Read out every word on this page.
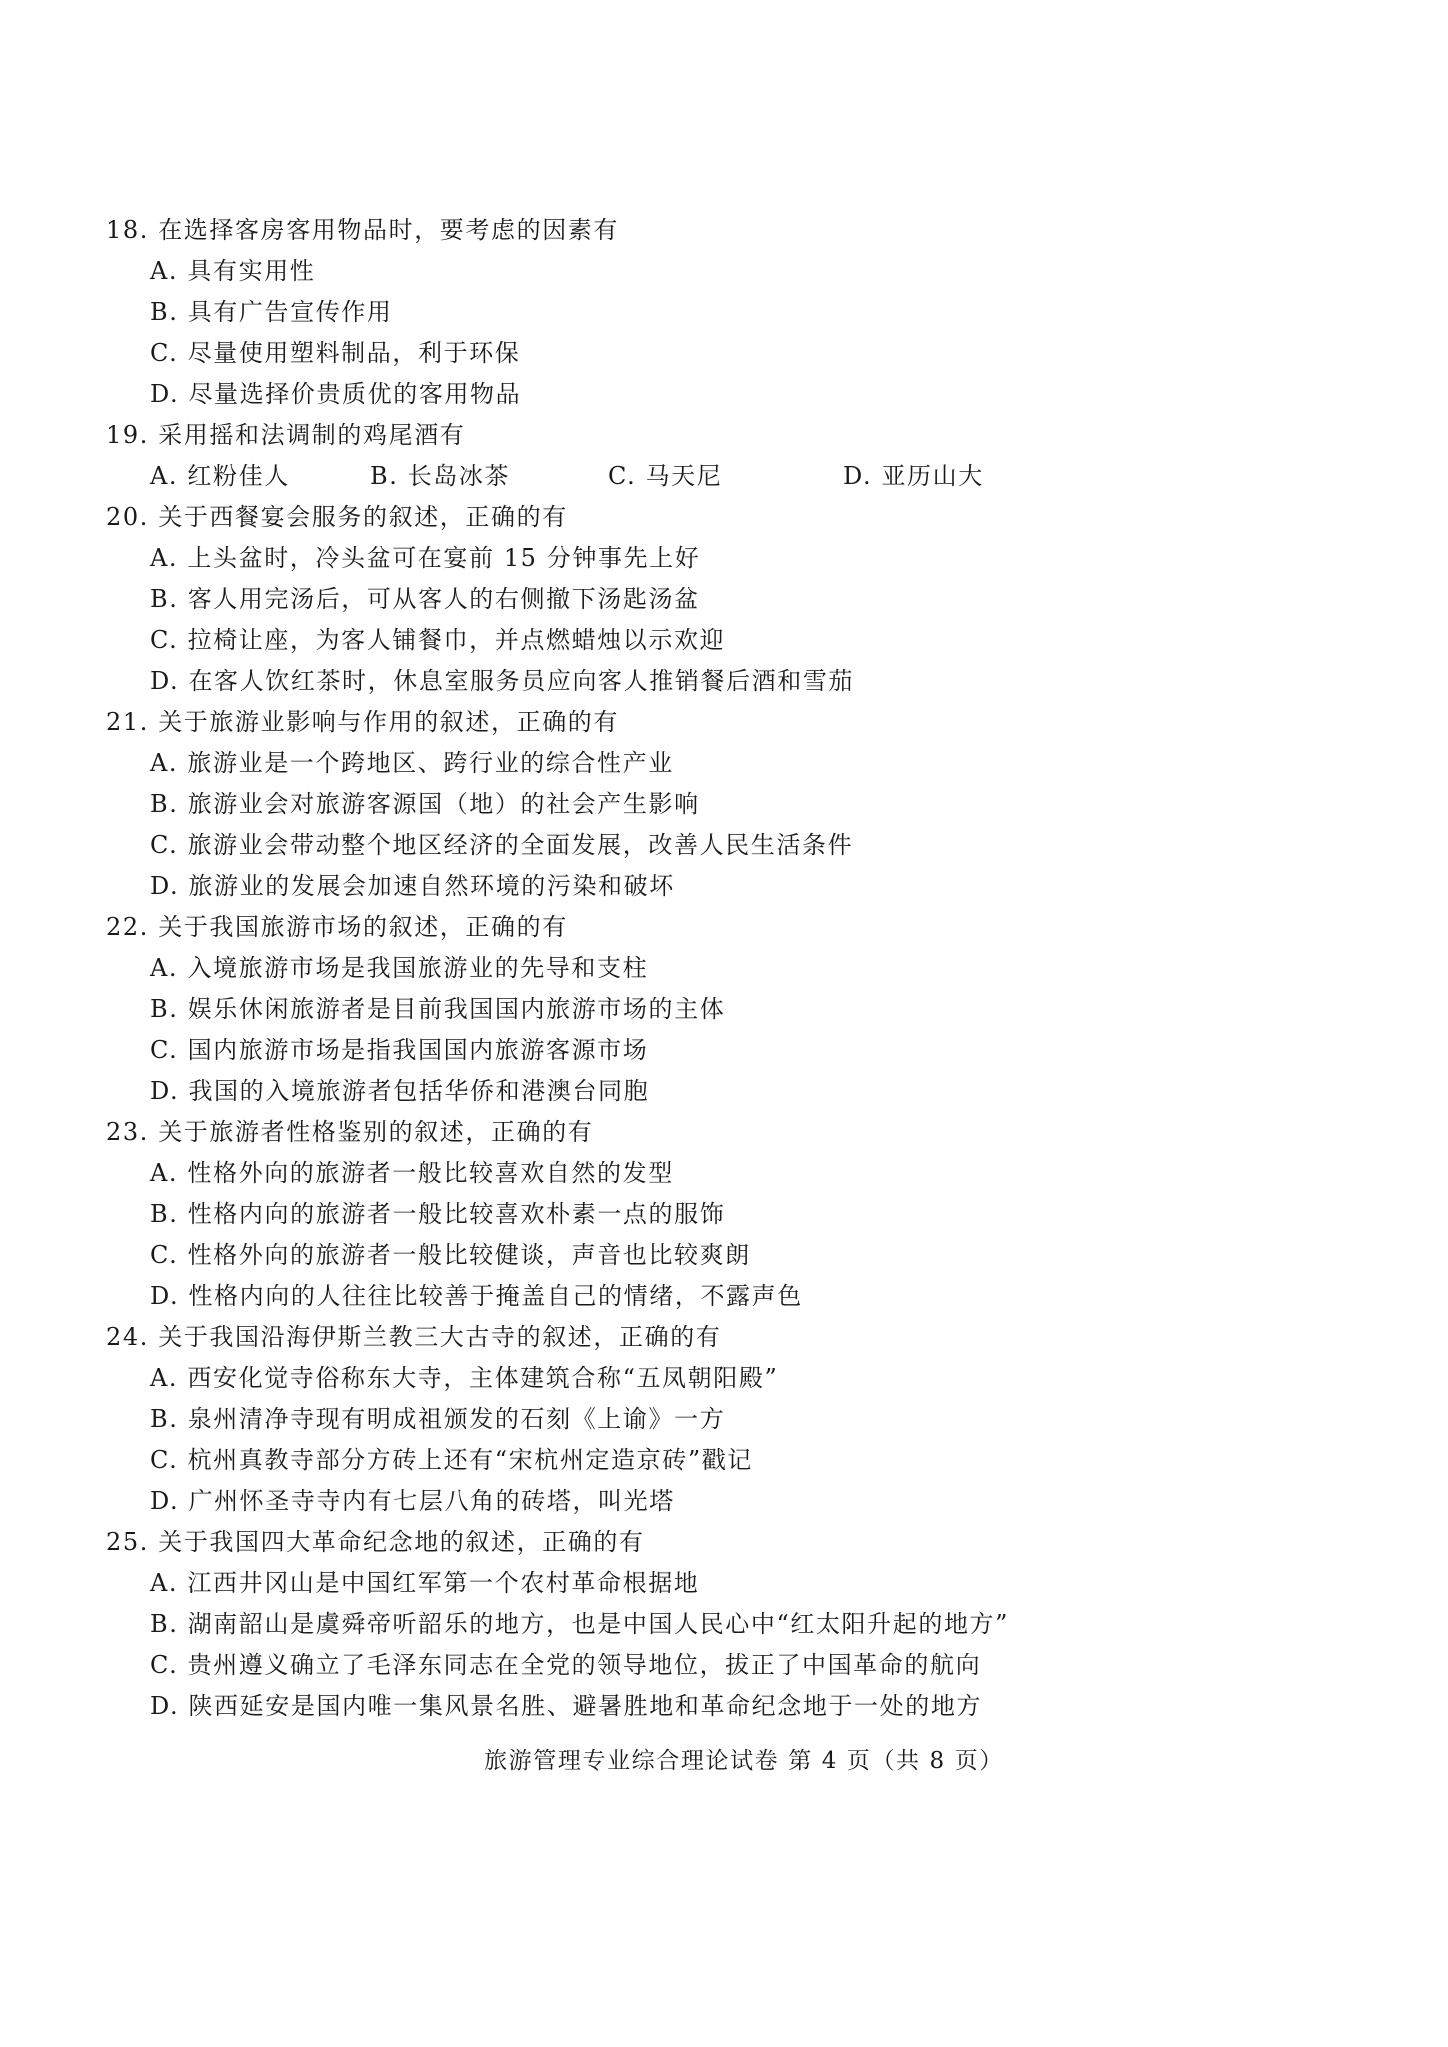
18. 在选择客房客用物品时，要考虑的因素有
A. 具有实用性
B. 具有广告宣传作用
C. 尽量使用塑料制品，利于环保
D. 尽量选择价贵质优的客用物品
19. 采用摇和法调制的鸡尾酒有
A. 红粉佳人	B. 长岛冰茶	C. 马天尼	D. 亚历山大
20. 关于西餐宴会服务的叙述，正确的有
A. 上头盆时，冷头盆可在宴前 15 分钟事先上好
B. 客人用完汤后，可从客人的右侧撤下汤匙汤盆
C. 拉椅让座，为客人铺餐巾，并点燃蜡烛以示欢迎
D. 在客人饮红茶时，休息室服务员应向客人推销餐后酒和雪茄
21. 关于旅游业影响与作用的叙述，正确的有
A. 旅游业是一个跨地区、跨行业的综合性产业
B. 旅游业会对旅游客源国（地）的社会产生影响
C. 旅游业会带动整个地区经济的全面发展，改善人民生活条件
D. 旅游业的发展会加速自然环境的污染和破坏
22. 关于我国旅游市场的叙述，正确的有
A. 入境旅游市场是我国旅游业的先导和支柱
B. 娱乐休闲旅游者是目前我国国内旅游市场的主体
C. 国内旅游市场是指我国国内旅游客源市场
D. 我国的入境旅游者包括华侨和港澳台同胞
23. 关于旅游者性格鉴别的叙述，正确的有
A. 性格外向的旅游者一般比较喜欢自然的发型
B. 性格内向的旅游者一般比较喜欢朴素一点的服饰
C. 性格外向的旅游者一般比较健谈，声音也比较爽朗
D. 性格内向的人往往比较善于掩盖自己的情绪，不露声色
24. 关于我国沿海伊斯兰教三大古寺的叙述，正确的有
A. 西安化觉寺俗称东大寺，主体建筑合称“五凤朝阳殿”
B. 泉州清净寺现有明成祖颁发的石刻《上谕》一方
C. 杭州真教寺部分方砖上还有“宋杭州定造京砖”戳记
D. 广州怀圣寺寺内有七层八角的砖塔，叫光塔
25. 关于我国四大革命纪念地的叙述，正确的有
A. 江西井冈山是中国红军第一个农村革命根据地
B. 湖南韶山是虞舜帝听韶乐的地方，也是中国人民心中“红太阳升起的地方”
C. 贵州遵义确立了毛泽东同志在全党的领导地位，拔正了中国革命的航向
D. 陕西延安是国内唯一集风景名胜、避暑胜地和革命纪念地于一处的地方
旅游管理专业综合理论试卷 第 4 页（共 8 页）
